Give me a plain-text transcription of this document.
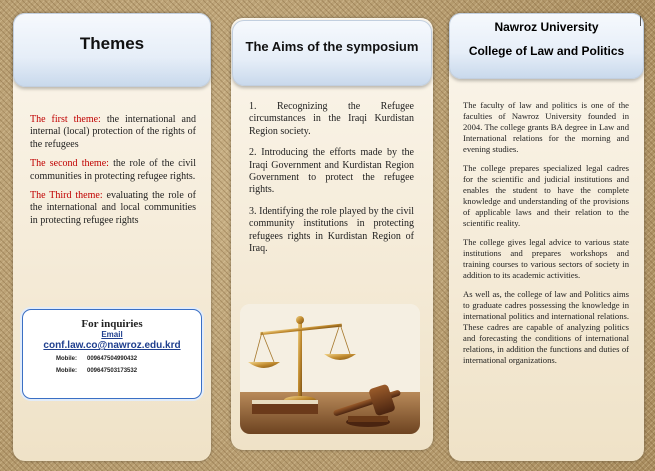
Themes

The first theme: the international and internal (local) protection of the rights of the refugees

The second theme: the role of the civil communities in protecting refugee rights.

The Third theme: evaluating the role of the international and local communities in protecting refugee rights

For inquiries
Email
conf.law.co@nawroz.edu.krd
Mobile:	009647504990432
Mobile:	009647503173532
The Aims of the symposium

1. Recognizing the Refugee circumstances in the Iraqi Kurdistan Region society.

2. Introducing the efforts made by the Iraqi Government and Kurdistan Region Government to protect the refugee rights.

3. Identifying the role played by the civil community institutions in protecting refugees rights in Kurdistan Region of Iraq.

Nawroz University
College of Law and Politics

The faculty of law and politics is one of the faculties of Nawroz University founded in 2004. The college grants BA degree in Law and International relations for the morning and evening studies.

The college prepares specialized legal cadres for the scientific and judicial institutions and enables the student to have the complete knowledge and understanding of the provisions of applicable laws and their relation to the scientific reality.

The college gives legal advice to various state institutions and prepares workshops and training courses to various sectors of society in addition to its academic activities.

As well as, the college of law and Politics aims to graduate cadres possessing the knowledge in international politics and international relations. These cadres are capable of analyzing politics and forecasting the conditions of international relations, in addition the functions and duties of international organizations.
